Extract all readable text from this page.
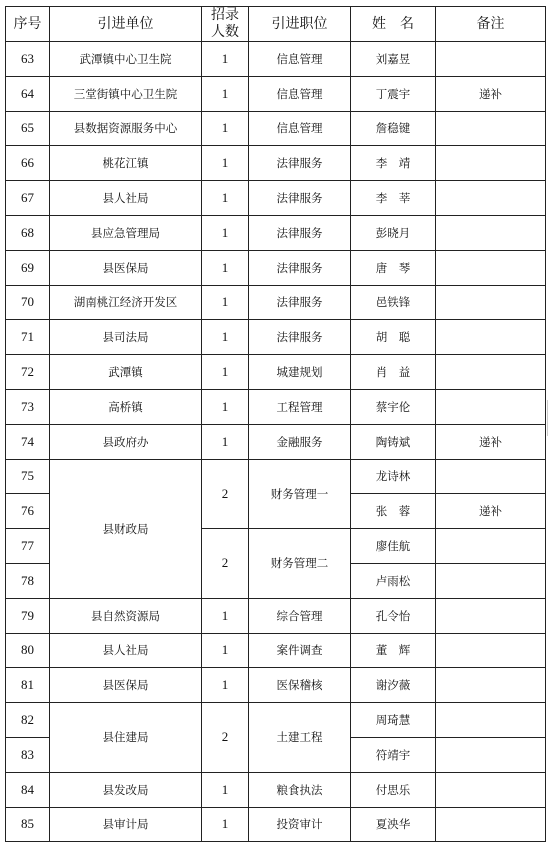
序号	引进单位	招录人数	引进职位	姓　名	备注
63	武潭镇中心卫生院	1	信息管理	刘嘉昱	
64	三堂街镇中心卫生院	1	信息管理	丁震宇	递补
65	县数据资源服务中心	1	信息管理	詹稳键	
66	桃花江镇	1	法律服务	李　靖	
67	县人社局	1	法律服务	李　莘	
68	县应急管理局	1	法律服务	彭晓月	
69	县医保局	1	法律服务	唐　琴	
70	湖南桃江经济开发区	1	法律服务	邑铁锋	
71	县司法局	1	法律服务	胡　聪	
72	武潭镇	1	城建规划	肖　益	
73	高桥镇	1	工程管理	蔡宇伦	
74	县政府办	1	金融服务	陶铸斌	递补
75	县财政局	2	财务管理一	龙诗林	
76				张　蓉	递补
77		2	财务管理二	廖佳航	
78				卢雨松	
79	县自然资源局	1	综合管理	孔令怡	
80	县人社局	1	案件调查	董　辉	
81	县医保局	1	医保稽核	谢汐薇	
82	县住建局	2	土建工程	周琦慧	
83				符靖宇	
84	县发改局	1	粮食执法	付思乐	
85	县审计局	1	投资审计	夏泱华	
